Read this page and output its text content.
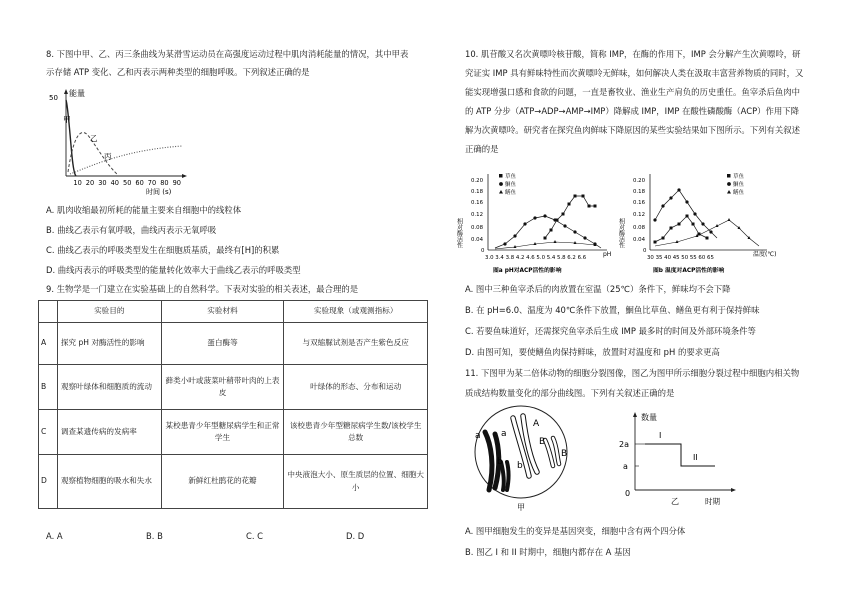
8. 下图中甲、乙、丙三条曲线为某滑雪运动员在高强度运动过程中肌肉消耗能量的情况，其中甲表

示存储 ATP 变化、乙和丙表示两种类型的细胞呼吸。下列叙述正确的是

能量
50
时间 (s)
10 20 30 40 50 60 70 80 90
甲
乙
丙

A. 肌肉收缩最初所耗的能量主要来自细胞中的线粒体

B. 曲线乙表示有氧呼吸，曲线丙表示无氧呼吸

C. 曲线乙表示的呼吸类型发生在细胞质基质，最终有[H]的积累

D. 曲线丙表示的呼吸类型的能量转化效率大于曲线乙表示的呼吸类型

9. 生物学是一门建立在实验基础上的自然科学。下表对实验的相关表述，最合理的是

	实验目的	实验材料	实验现象（或观测指标）
A	探究 pH 对酶活性的影响	蛋白酶等	与双缩脲试剂是否产生紫色反应
B	观察叶绿体和细胞质的流动	藓类小叶或菠菜叶稍带叶肉的上表皮	叶绿体的形态、分布和运动
C	调查某遗传病的发病率	某校患青少年型糖尿病学生和正常学生	该校患青少年型糖尿病学生数/该校学生总数
D	观察植物细胞的吸水和失水	新鲜红杜鹃花的花瓣	中央液泡大小、原生质层的位置、细胞大小
A. A	B. B	C. C	D. D

10. 肌苷酸又名次黄嘌呤核苷酸，简称 IMP，在酶的作用下，IMP 会分解产生次黄嘌呤，研

究证实 IMP 具有鲜味特性而次黄嘌呤无鲜味，如何解决人类在汲取丰富营养物质的同时，又

能实现增强口感和食欲的问题，一直是畜牧业、渔业生产肩负的历史重任。鱼宰杀后鱼肉中

的 ATP 分步（ATP→ADP→AMP→IMP）降解成 IMP，IMP 在酸性磷酸酶（ACP）作用下降

解为次黄嘌呤。研究者在探究鱼肉鲜味下降原因的某些实验结果如下图所示。下列有关叙述

正确的是

相对酶活性
0.20
0.18
0.16
0.12
0.08
0.04
0
3.0 3.4 3.8 4.2 4.6 5.0 5.4 5.8 6.2 6.6	pH
草鱼
鮰鱼
鳝鱼
图a pH对ACP活性的影响
相对酶活性
0.20
0.18
0.16
0.12
0.08
0.04
0
30 35 40 45 50 55 60 65	温度(℃)
草鱼
鮰鱼
鳝鱼
图b 温度对ACP活性的影响

A. 图中三种鱼宰杀后的肉放置在室温（25℃）条件下，鲜味均不会下降

B. 在 pH=6.0、温度为 40℃条件下放置，鮰鱼比草鱼、鳝鱼更有利于保持鲜味

C. 若要鱼味道好，还需探究鱼宰杀后生成 IMP 最多时的时间及外部环境条件等

D. 由图可知，要使鳝鱼肉保持鲜味，放置时对温度和 pH 的要求更高

11. 下图甲为某二倍体动物的细胞分裂图像，图乙为图甲所示细胞分裂过程中细胞内相关物

质成结构数量变化的部分曲线图。下列有关叙述正确的是

a a
A
B
B
b
b
甲
数量
2a
a
0
时期
I
II
乙

A. 图甲细胞发生的变异是基因突变，细胞中含有两个四分体

B. 图乙 I 和 II 时期中，细胞内都存在 A 基因
